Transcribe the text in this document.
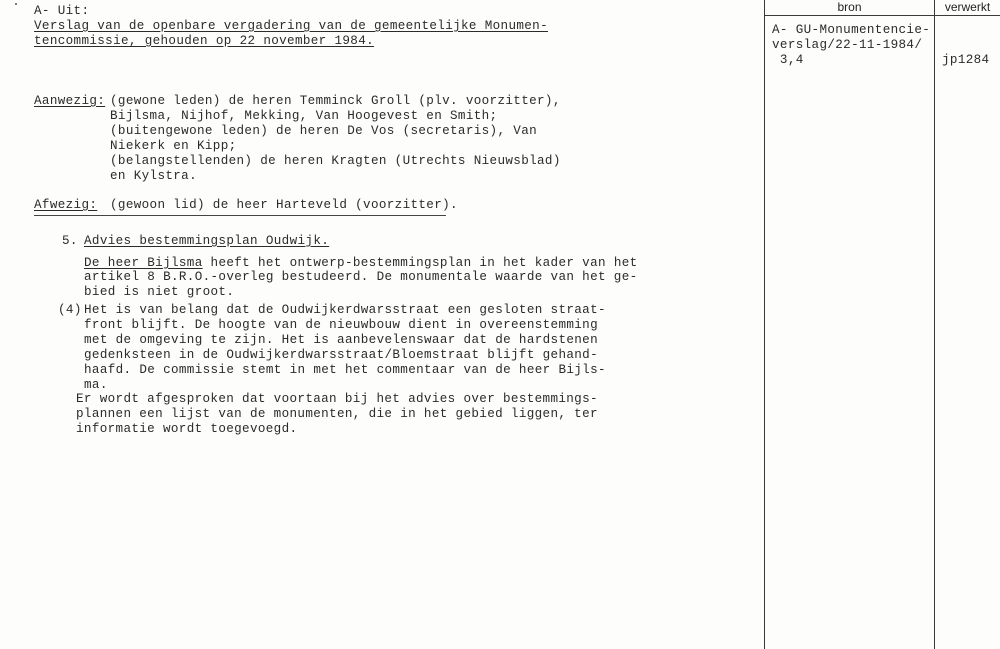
A- Uit:
Verslag van de openbare vergadering van de gemeentelijke Monumen-
tencommissie, gehouden op 22 november 1984.
Aanwezig: (gewone leden) de heren Temminck Groll (plv. voorzitter),
Bijlsma, Nijhof, Mekking, Van Hoogevest en Smith;
(buitengewone leden) de heren De Vos (secretaris), Van
Niekerk en Kipp;
(belangstellenden) de heren Kragten (Utrechts Nieuwsblad)
en Kylstra.
Afwezig: (gewoon lid) de heer Harteveld (voorzitter).
5. Advies bestemmingsplan Oudwijk.
De heer Bijlsma heeft het ontwerp-bestemmingsplan in het kader van het
artikel 8 B.R.O.-overleg bestudeerd. De monumentale waarde van het ge-
bied is niet groot.
(4) Het is van belang dat de Oudwijkerdwarsstraat een gesloten straat-
front blijft. De hoogte van de nieuwbouw dient in overeenstemming
met de omgeving te zijn. Het is aanbevelenswaar dat de hardstenen
gedenksteen in de Oudwijkerdwarsstraat/Bloemstraat blijft gehand-
haafd. De commissie stemt in met het commentaar van de heer Bijls-
ma.
Er wordt afgesproken dat voortaan bij het advies over bestemmings-
plannen een lijst van de monumenten, die in het gebied liggen, ter
informatie wordt toegevoegd.
bron	verwerkt
A- GU-Monumentencie-
verslag/22-11-1984/
3,4	jp1284
